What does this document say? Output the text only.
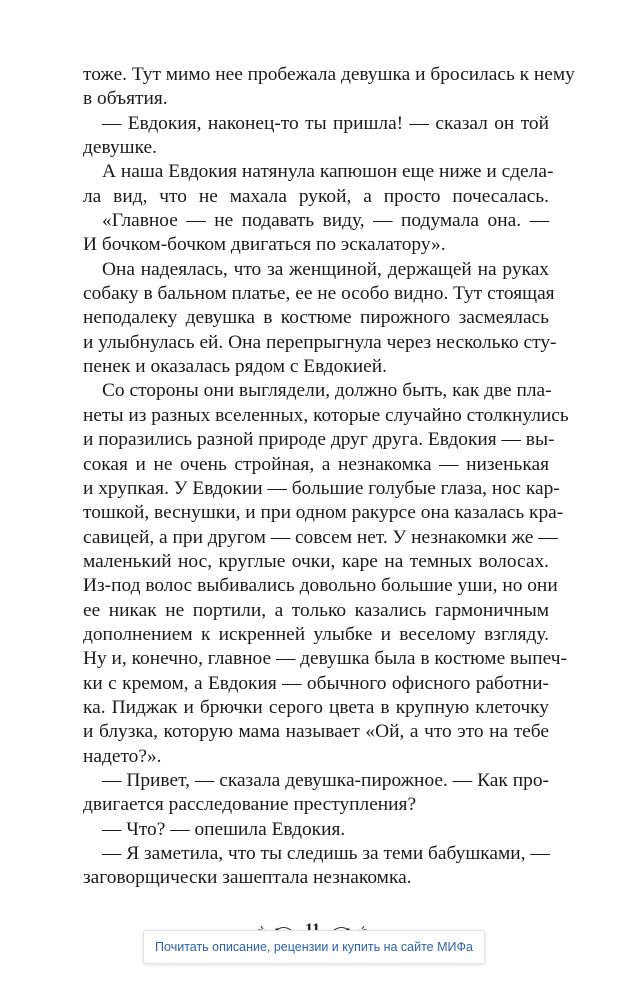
тоже. Тут мимо нее пробежала девушка и бросилась к нему
в объятия.
— Евдокия, наконец-то ты пришла! — сказал он той
девушке.
А наша Евдокия натянула капюшон еще ниже и сдела-
ла вид, что не махала рукой, а просто почесалась.
«Главное — не подавать виду, — подумала она. —
И бочком-бочком двигаться по эскалатору».
Она надеялась, что за женщиной, держащей на руках
собаку в бальном платье, ее не особо видно. Тут стоящая
неподалеку девушка в костюме пирожного засмеялась
и улыбнулась ей. Она перепрыгнула через несколько сту-
пенек и оказалась рядом с Евдокией.
Со стороны они выглядели, должно быть, как две пла-
неты из разных вселенных, которые случайно столкнулись
и поразились разной природе друг друга. Евдокия — вы-
сокая и не очень стройная, а незнакомка — низенькая
и хрупкая. У Евдокии — большие голубые глаза, нос кар-
тошкой, веснушки, и при одном ракурсе она казалась кра-
савицей, а при другом — совсем нет. У незнакомки же —
маленький нос, круглые очки, каре на темных волосах.
Из-под волос выбивались довольно большие уши, но они
ее никак не портили, а только казались гармоничным
дополнением к искренней улыбке и веселому взгляду.
Ну и, конечно, главное — девушка была в костюме выпеч-
ки с кремом, а Евдокия — обычного офисного работни-
ка. Пиджак и брючки серого цвета в крупную клеточку
и блузка, которую мама называет «Ой, а что это на тебе
надето?».
— Привет, — сказала девушка-пирожное. — Как про-
двигается расследование преступления?
— Что? — опешила Евдокия.
— Я заметила, что ты следишь за теми бабушками, —
заговорщически зашептала незнакомка.
Почитать описание, рецензии и купить на сайте МИФа
